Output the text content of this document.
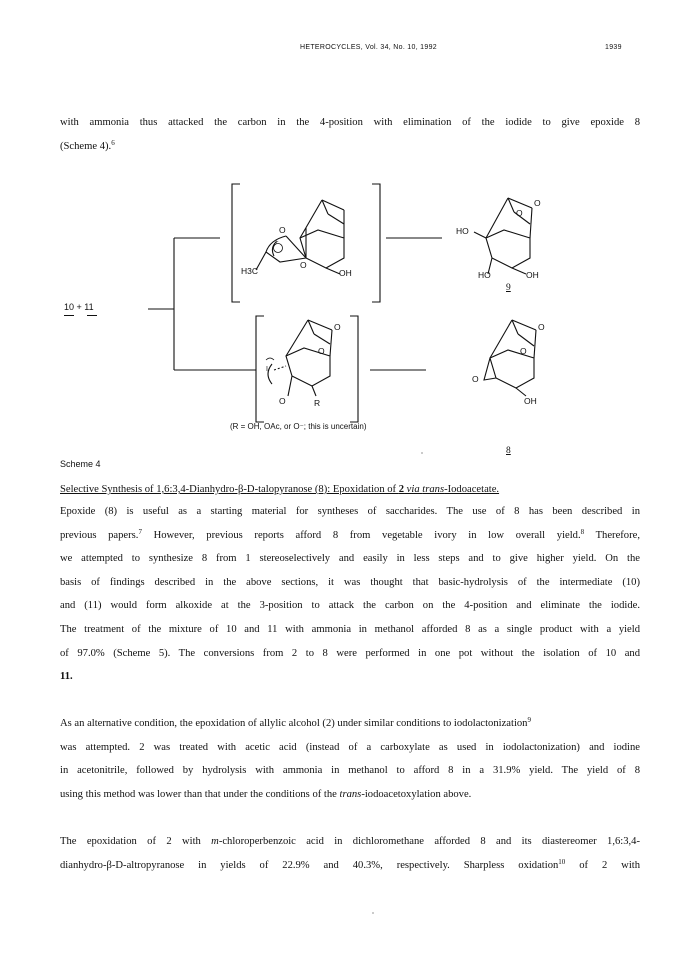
HETEROCYCLES, Vol. 34, No. 10, 1992	1939
with ammonia thus attacked the carbon in the 4-position with elimination of the iodide to give epoxide 8
(Scheme 4).$^6$
10 + 11
O
+
H3C
O
OH
HO
HO	OH
O
O
9
I
O	R
O
O
(R = OH, OAc, or O⁻; this is uncertain)
O
OH
O
O
8
Scheme 4
Selective Synthesis of 1,6:3,4-Dianhydro-β-D-talopyranose (8): Epoxidation of 2 via trans-Iodoacetate.
Epoxide (8) is useful as a starting material for syntheses of saccharides. The use of 8 has been described in
previous papers.$^7$ However, previous reports afford 8 from vegetable ivory in low overall yield.$^8$ Therefore,
we attempted to synthesize 8 from 1 stereoselectively and easily in less steps and to give higher yield. On the
basis of findings described in the above sections, it was thought that basic-hydrolysis of the intermediate (10)
and (11) would form alkoxide at the 3-position to attack the carbon on the 4-position and eliminate the iodide.
The treatment of the mixture of 10 and 11 with ammonia in methanol afforded 8 as a single product with a yield
of 97.0% (Scheme 5). The conversions from 2 to 8 were performed in one pot without the isolation of 10 and
11.
As an alternative condition, the epoxidation of allylic alcohol (2) under similar conditions to iodolactonization$^9$
was attempted. 2 was treated with acetic acid (instead of a carboxylate as used in iodolactonization) and iodine
in acetonitrile, followed by hydrolysis with ammonia in methanol to afford 8 in a 31.9% yield. The yield of 8
using this method was lower than that under the conditions of the trans-iodoacetoxylation above.
The epoxidation of 2 with m-chloroperbenzoic acid in dichloromethane afforded 8 and its diastereomer 1,6:3,4-
dianhydro-β-D-altropyranose in yields of 22.9% and 40.3%, respectively. Sharpless oxidation$^{10}$ of 2 with
